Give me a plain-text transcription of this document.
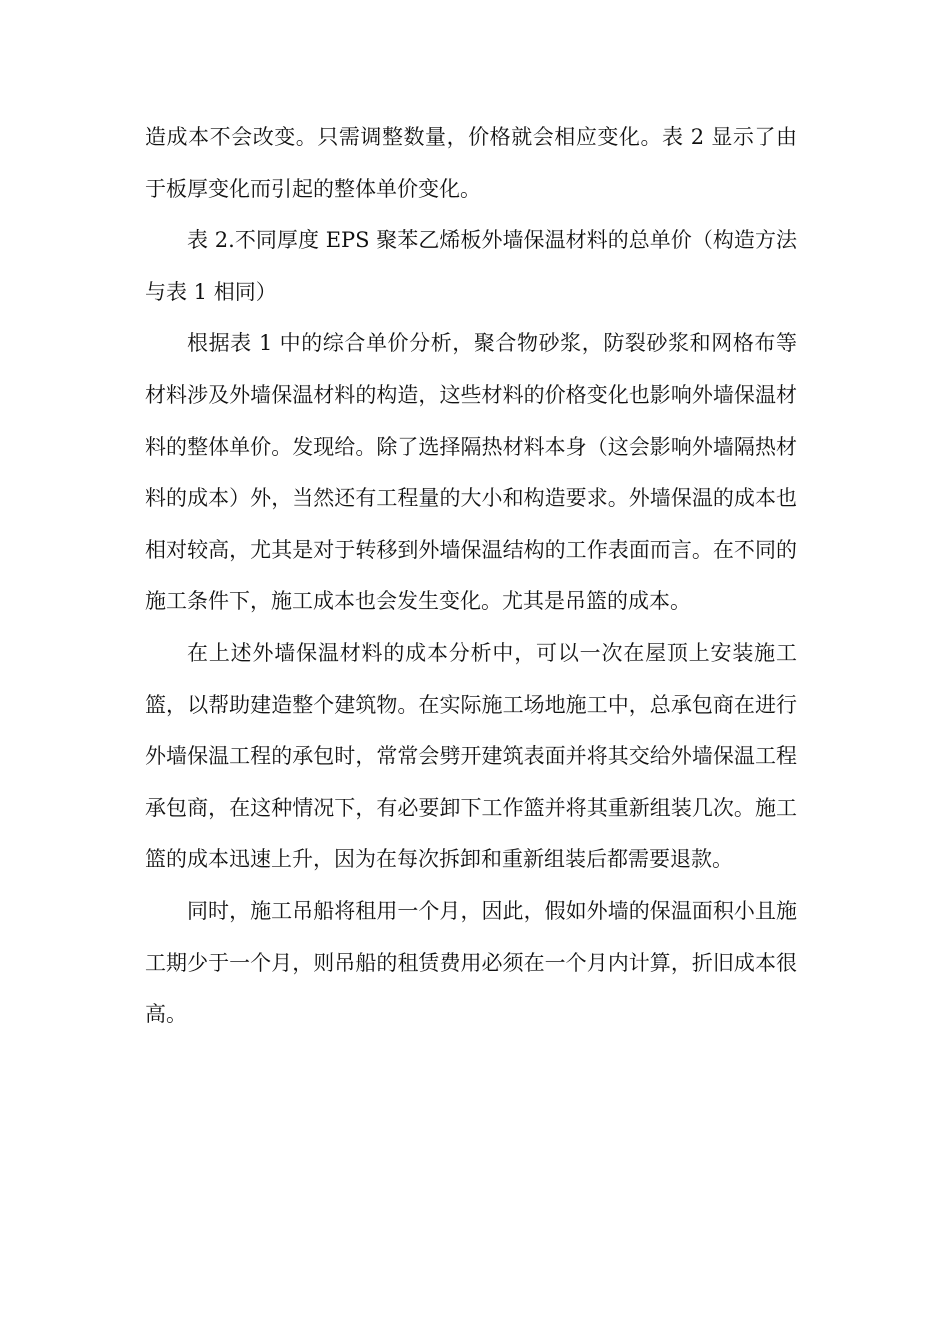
造成本不会改变。只需调整数量，价格就会相应变化。表 2 显示了由于板厚变化而引起的整体单价变化。

表 2.不同厚度 EPS 聚苯乙烯板外墙保温材料的总单价（构造方法与表 1 相同）

根据表 1 中的综合单价分析，聚合物砂浆，防裂砂浆和网格布等材料涉及外墙保温材料的构造，这些材料的价格变化也影响外墙保温材料的整体单价。发现给。除了选择隔热材料本身（这会影响外墙隔热材料的成本）外，当然还有工程量的大小和构造要求。外墙保温的成本也相对较高，尤其是对于转移到外墙保温结构的工作表面而言。在不同的施工条件下，施工成本也会发生变化。尤其是吊篮的成本。

在上述外墙保温材料的成本分析中，可以一次在屋顶上安装施工篮，以帮助建造整个建筑物。在实际施工场地施工中，总承包商在进行外墙保温工程的承包时，常常会劈开建筑表面并将其交给外墙保温工程承包商，在这种情况下，有必要卸下工作篮并将其重新组装几次。施工篮的成本迅速上升，因为在每次拆卸和重新组装后都需要退款。

同时，施工吊船将租用一个月，因此，假如外墙的保温面积小且施工期少于一个月，则吊船的租赁费用必须在一个月内计算，折旧成本很高。
